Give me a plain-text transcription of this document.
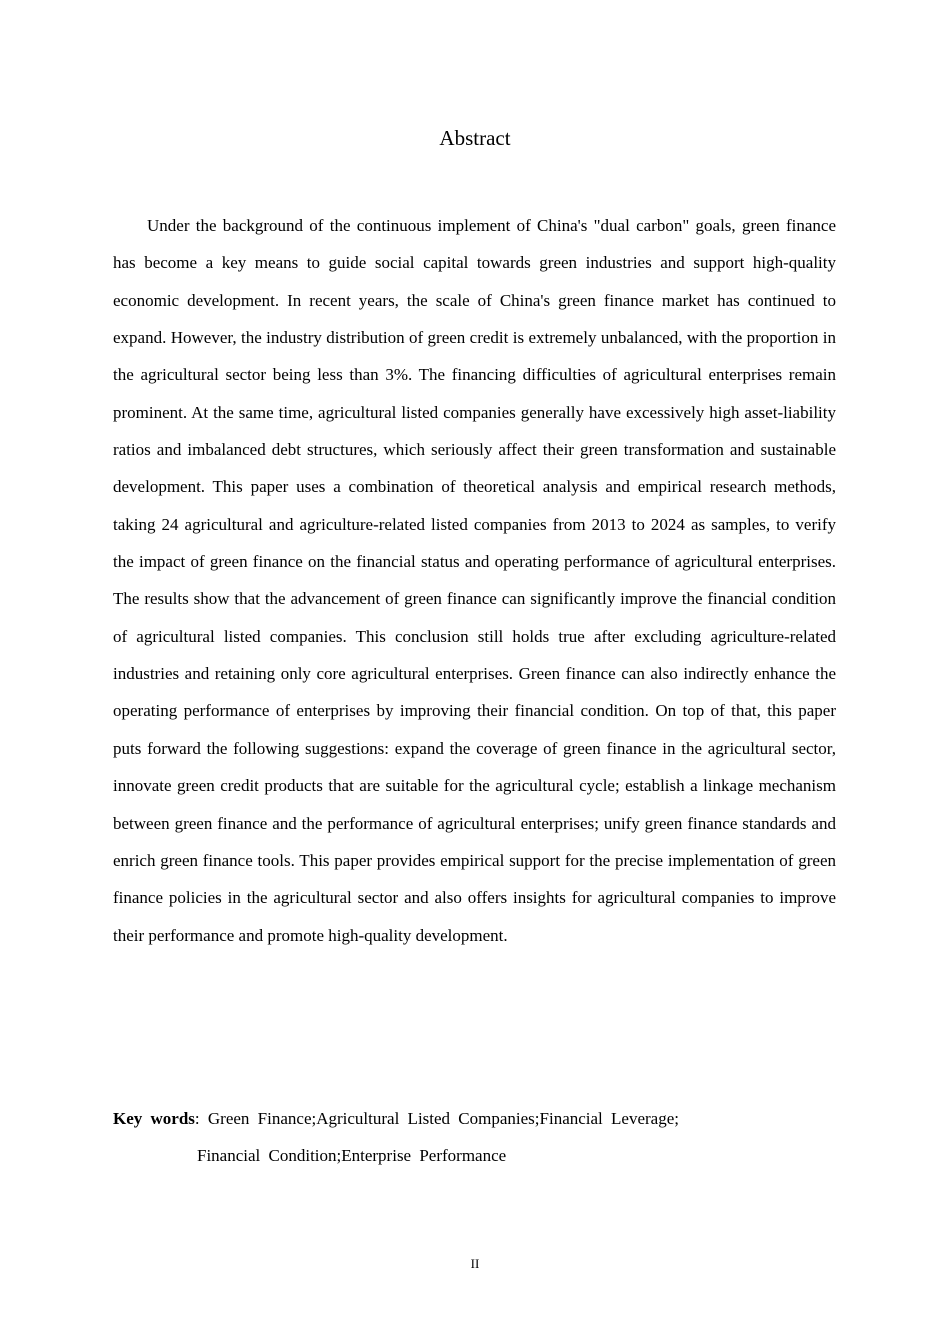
Abstract

Under the background of the continuous implement of China's "dual carbon" goals, green finance has become a key means to guide social capital towards green industries and support high-quality economic development. In recent years, the scale of China's green finance market has continued to expand. However, the industry distribution of green credit is extremely unbalanced, with the proportion in the agricultural sector being less than 3%. The financing difficulties of agricultural enterprises remain prominent. At the same time, agricultural listed companies generally have excessively high asset-liability ratios and imbalanced debt structures, which seriously affect their green transformation and sustainable development. This paper uses a combination of theoretical analysis and empirical research methods, taking 24 agricultural and agriculture-related listed companies from 2013 to 2024 as samples, to verify the impact of green finance on the financial status and operating performance of agricultural enterprises. The results show that the advancement of green finance can significantly improve the financial condition of agricultural listed companies. This conclusion still holds true after excluding agriculture-related industries and retaining only core agricultural enterprises. Green finance can also indirectly enhance the operating performance of enterprises by improving their financial condition. On top of that, this paper puts forward the following suggestions: expand the coverage of green finance in the agricultural sector, innovate green credit products that are suitable for the agricultural cycle; establish a linkage mechanism between green finance and the performance of agricultural enterprises; unify green finance standards and enrich green finance tools. This paper provides empirical support for the precise implementation of green finance policies in the agricultural sector and also offers insights for agricultural companies to improve their performance and promote high-quality development.

Key words: Green Finance;Agricultural Listed Companies;Financial Leverage;
Financial Condition;Enterprise Performance

II
